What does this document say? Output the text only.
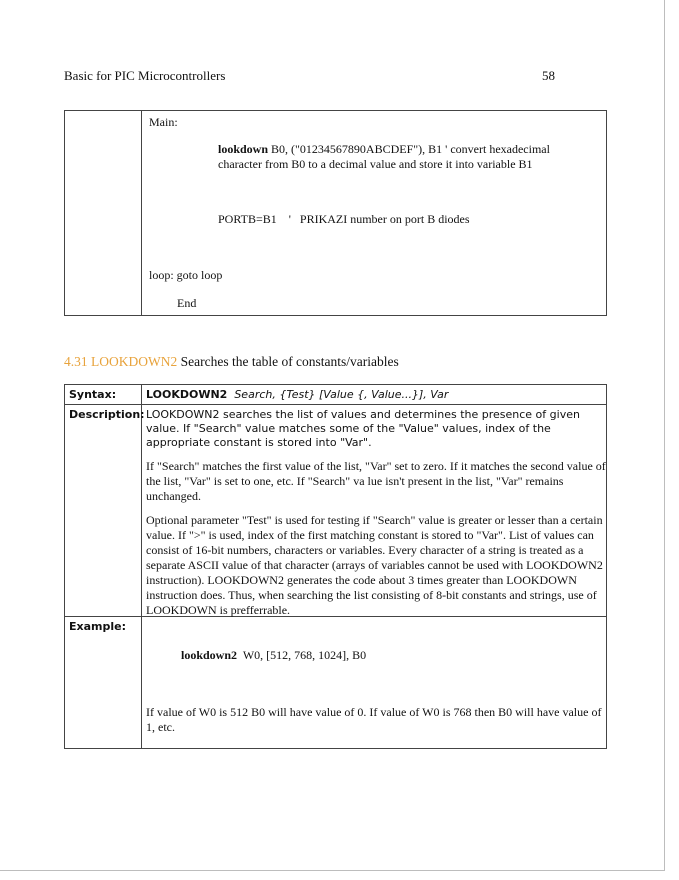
Basic for PIC Microcontrollers	58
Main:
lookdown B0, ("01234567890ABCDEF"), B1 ' convert hexadecimal
character from B0 to a decimal value and store it into variable B1
PORTB=B1    '   PRIKAZI number on port B diodes
loop: goto loop
End
4.31 LOOKDOWN2 Searches the table of constants/variables
Syntax:	LOOKDOWN2 Search, {Test} [Value {, Value...}], Var
Description: LOOKDOWN2 searches the list of values and determines the presence of given value. If "Search" value matches some of the "Value" values, index of the appropriate constant is stored into "Var".

If "Search" matches the first value of the list, "Var" set to zero. If it matches the second value of the list, "Var" is set to one, etc. If "Search" va lue isn't present in the list, "Var" remains unchanged.

Optional parameter "Test" is used for testing if "Search" value is greater or lesser than a certain value. If ">" is used, index of the first matching constant is stored to "Var". List of values can consist of 16-bit numbers, characters or variables. Every character of a string is treated as a separate ASCII value of that character (arrays of variables cannot be used with LOOKDOWN2 instruction). LOOKDOWN2 generates the code about 3 times greater than LOOKDOWN instruction does. Thus, when searching the list consisting of 8-bit constants and strings, use of LOOKDOWN is prefferrable.

Example:
lookdown2  W0, [512, 768, 1024], B0

If value of W0 is 512 B0 will have value of 0. If value of W0 is 768 then B0 will have value of 1, etc.
